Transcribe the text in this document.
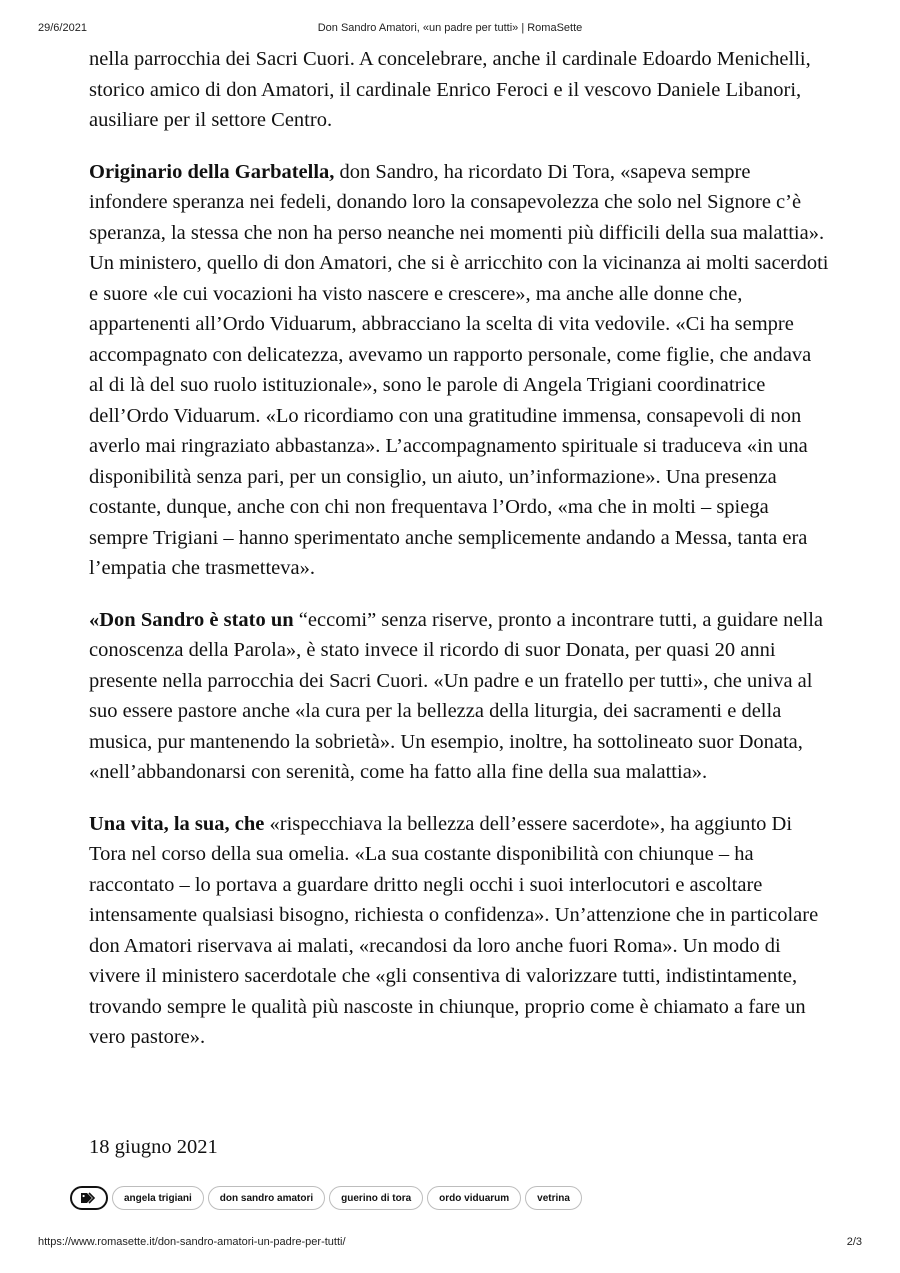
29/6/2021	Don Sandro Amatori, «un padre per tutti» | RomaSette

nella parrocchia dei Sacri Cuori. A concelebrare, anche il cardinale Edoardo Menichelli, storico amico di don Amatori, il cardinale Enrico Feroci e il vescovo Daniele Libanori, ausiliare per il settore Centro.

Originario della Garbatella, don Sandro, ha ricordato Di Tora, «sapeva sempre infondere speranza nei fedeli, donando loro la consapevolezza che solo nel Signore c’è speranza, la stessa che non ha perso neanche nei momenti più difficili della sua malattia». Un ministero, quello di don Amatori, che si è arricchito con la vicinanza ai molti sacerdoti e suore «le cui vocazioni ha visto nascere e crescere», ma anche alle donne che, appartenenti all’Ordo Viduarum, abbracciano la scelta di vita vedovile. «Ci ha sempre accompagnato con delicatezza, avevamo un rapporto personale, come figlie, che andava al di là del suo ruolo istituzionale», sono le parole di Angela Trigiani coordinatrice dell’Ordo Viduarum. «Lo ricordiamo con una gratitudine immensa, consapevoli di non averlo mai ringraziato abbastanza». L’accompagnamento spirituale si traduceva «in una disponibilità senza pari, per un consiglio, un aiuto, un’informazione». Una presenza costante, dunque, anche con chi non frequentava l’Ordo, «ma che in molti – spiega sempre Trigiani – hanno sperimentato anche semplicemente andando a Messa, tanta era l’empatia che trasmetteva».

«Don Sandro è stato un “eccomi” senza riserve, pronto a incontrare tutti, a guidare nella conoscenza della Parola», è stato invece il ricordo di suor Donata, per quasi 20 anni presente nella parrocchia dei Sacri Cuori. «Un padre e un fratello per tutti», che univa al suo essere pastore anche «la cura per la bellezza della liturgia, dei sacramenti e della musica, pur mantenendo la sobrietà». Un esempio, inoltre, ha sottolineato suor Donata, «nell’abbandonarsi con serenità, come ha fatto alla fine della sua malattia».

Una vita, la sua, che «rispecchiava la bellezza dell’essere sacerdote», ha aggiunto Di Tora nel corso della sua omelia. «La sua costante disponibilità con chiunque – ha raccontato – lo portava a guardare dritto negli occhi i suoi interlocutori e ascoltare intensamente qualsiasi bisogno, richiesta o confidenza». Un’attenzione che in particolare don Amatori riservava ai malati, «recandosi da loro anche fuori Roma». Un modo di vivere il ministero sacerdotale che «gli consentiva di valorizzare tutti, indistintamente, trovando sempre le qualità più nascoste in chiunque, proprio come è chiamato a fare un vero pastore».

18 giugno 2021
angela trigiani	don sandro amatori	guerino di tora	ordo viduarum	vetrina
https://www.romasette.it/don-sandro-amatori-un-padre-per-tutti/	2/3
